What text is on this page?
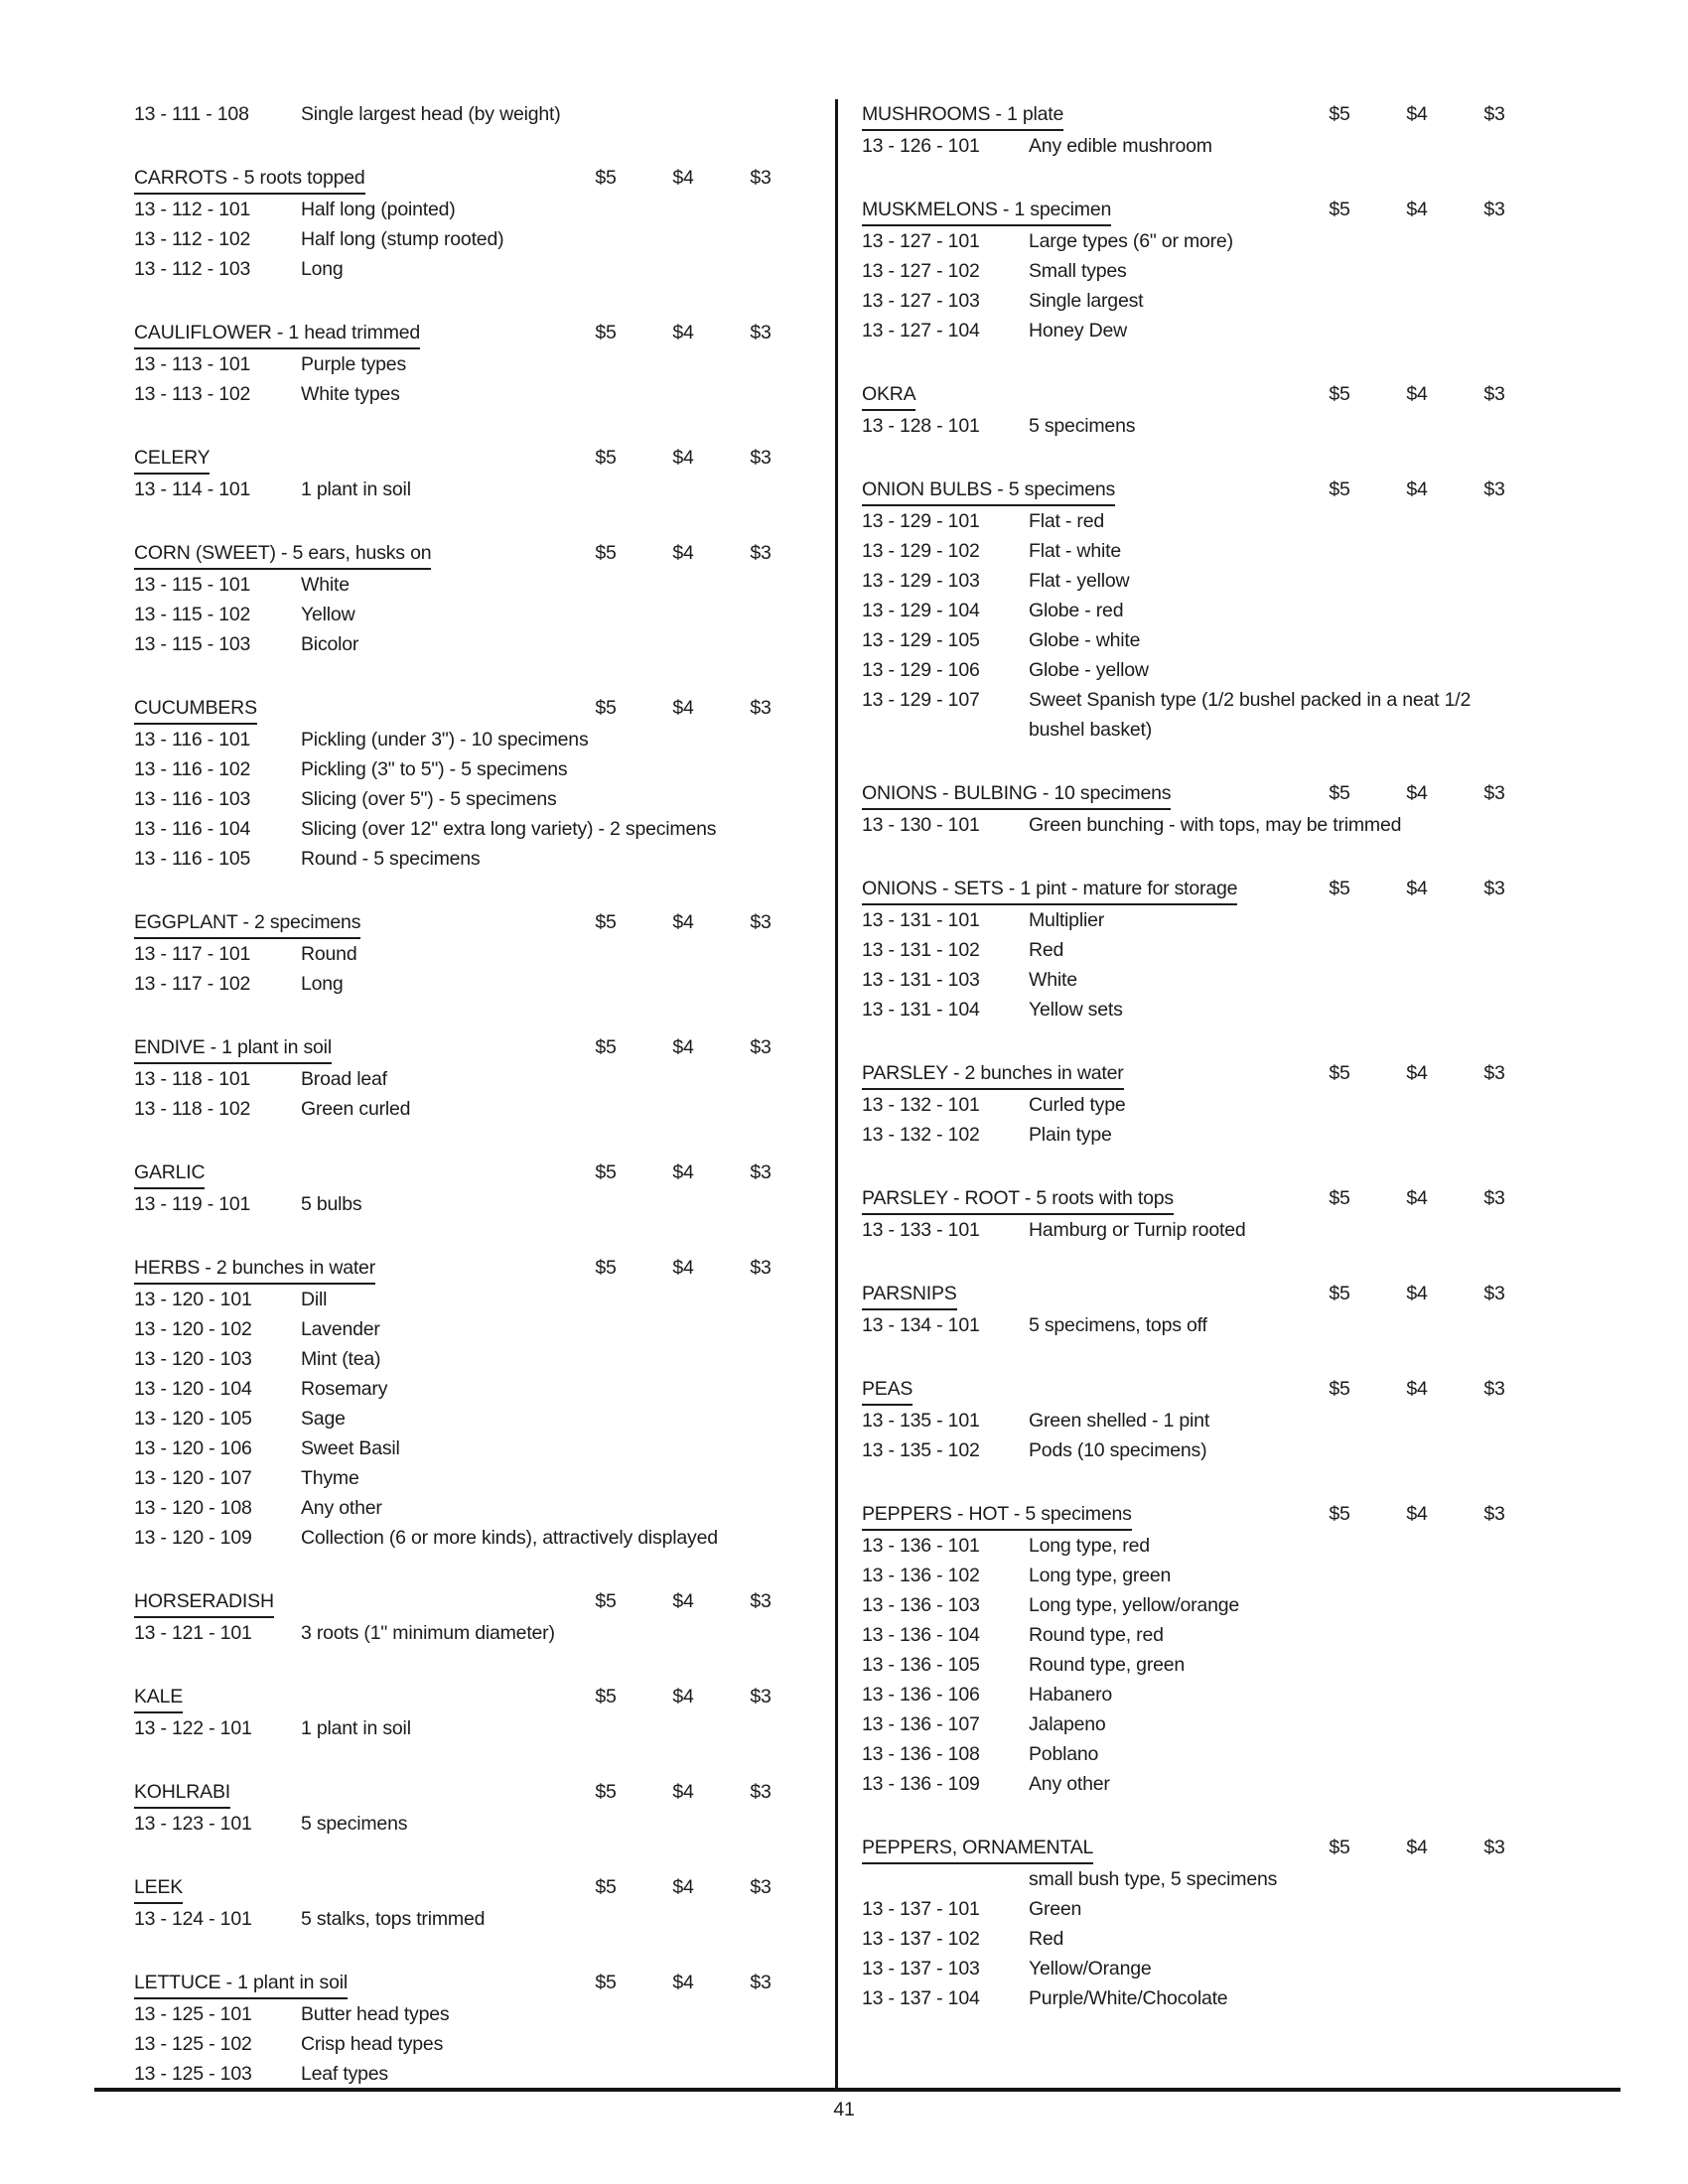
13 - 111 - 108	Single largest head (by weight)
CARROTS - 5 roots topped	$5	$4	$3
13 - 112 - 101	Half long (pointed)
13 - 112 - 102	Half long (stump rooted)
13 - 112 - 103	Long
CAULIFLOWER - 1 head trimmed	$5	$4	$3
13 - 113 - 101	Purple types
13 - 113 - 102	White types
CELERY	$5	$4	$3
13 - 114 - 101	1 plant in soil
CORN (SWEET) - 5 ears, husks on	$5	$4	$3
13 - 115 - 101	White
13 - 115 - 102	Yellow
13 - 115 - 103	Bicolor
CUCUMBERS	$5	$4	$3
13 - 116 - 101	Pickling (under 3") - 10 specimens
13 - 116 - 102	Pickling (3" to 5") - 5 specimens
13 - 116 - 103	Slicing (over 5") - 5 specimens
13 - 116 - 104	Slicing (over 12" extra long variety) - 2 specimens
13 - 116 - 105	Round - 5 specimens
EGGPLANT - 2 specimens	$5	$4	$3
13 - 117 - 101	Round
13 - 117 - 102	Long
ENDIVE - 1 plant in soil	$5	$4	$3
13 - 118 - 101	Broad leaf
13 - 118 - 102	Green curled
GARLIC	$5	$4	$3
13 - 119 - 101	5 bulbs
HERBS - 2 bunches in water	$5	$4	$3
13 - 120 - 101	Dill
13 - 120 - 102	Lavender
13 - 120 - 103	Mint (tea)
13 - 120 - 104	Rosemary
13 - 120 - 105	Sage
13 - 120 - 106	Sweet Basil
13 - 120 - 107	Thyme
13 - 120 - 108	Any other
13 - 120 - 109	Collection (6 or more kinds), attractively displayed
HORSERADISH	$5	$4	$3
13 - 121 - 101	3 roots (1" minimum diameter)
KALE	$5	$4	$3
13 - 122 - 101	1 plant in soil
KOHLRABI	$5	$4	$3
13 - 123 - 101	5 specimens
LEEK	$5	$4	$3
13 - 124 - 101	5 stalks, tops trimmed
LETTUCE - 1 plant in soil	$5	$4	$3
13 - 125 - 101	Butter head types
13 - 125 - 102	Crisp head types
13 - 125 - 103	Leaf types
MUSHROOMS - 1 plate	$5	$4	$3
13 - 126 - 101	Any edible mushroom
MUSKMELONS - 1 specimen	$5	$4	$3
13 - 127 - 101	Large types (6" or more)
13 - 127 - 102	Small types
13 - 127 - 103	Single largest
13 - 127 - 104	Honey Dew
OKRA	$5	$4	$3
13 - 128 - 101	5 specimens
ONION BULBS - 5 specimens	$5	$4	$3
13 - 129 - 101	Flat - red
13 - 129 - 102	Flat - white
13 - 129 - 103	Flat - yellow
13 - 129 - 104	Globe - red
13 - 129 - 105	Globe - white
13 - 129 - 106	Globe - yellow
13 - 129 - 107	Sweet Spanish type (1/2 bushel packed in a neat 1/2 bushel basket)
ONIONS - BULBING - 10 specimens	$5	$4	$3
13 - 130 - 101	Green bunching - with tops, may be trimmed
ONIONS - SETS - 1 pint - mature for storage	$5	$4	$3
13 - 131 - 101	Multiplier
13 - 131 - 102	Red
13 - 131 - 103	White
13 - 131 - 104	Yellow sets
PARSLEY - 2 bunches in water	$5	$4	$3
13 - 132 - 101	Curled type
13 - 132 - 102	Plain type
PARSLEY - ROOT - 5 roots with tops	$5	$4	$3
13 - 133 - 101	Hamburg or Turnip rooted
PARSNIPS	$5	$4	$3
13 - 134 - 101	5 specimens, tops off
PEAS	$5	$4	$3
13 - 135 - 101	Green shelled - 1 pint
13 - 135 - 102	Pods (10 specimens)
PEPPERS - HOT - 5 specimens	$5	$4	$3
13 - 136 - 101	Long type, red
13 - 136 - 102	Long type, green
13 - 136 - 103	Long type, yellow/orange
13 - 136 - 104	Round type, red
13 - 136 - 105	Round type, green
13 - 136 - 106	Habanero
13 - 136 - 107	Jalapeno
13 - 136 - 108	Poblano
13 - 136 - 109	Any other
PEPPERS, ORNAMENTAL	$5	$4	$3
small bush type, 5 specimens
13 - 137 - 101	Green
13 - 137 - 102	Red
13 - 137 - 103	Yellow/Orange
13 - 137 - 104	Purple/White/Chocolate
41
